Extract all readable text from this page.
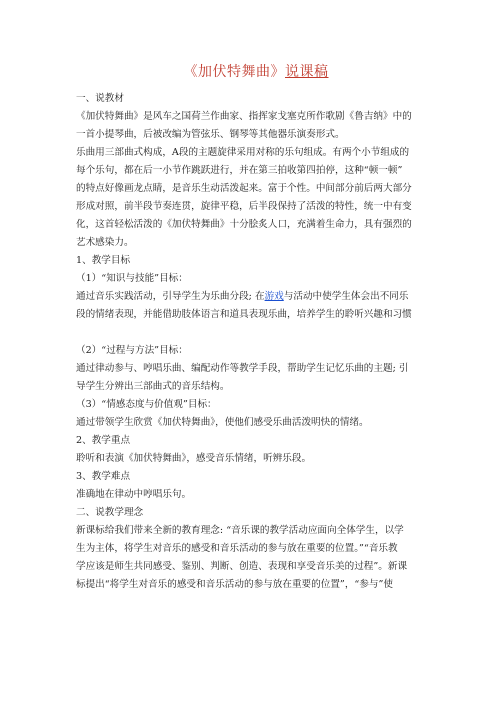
《加伏特舞曲》说课稿

一、说教材

《加伏特舞曲》是风车之国荷兰作曲家、指挥家戈塞克所作歌剧《鲁吉纳》中的

一首小提琴曲，后被改编为管弦乐、钢琴等其他器乐演奏形式。

乐曲用三部曲式构成，A段的主题旋律采用对称的乐句组成。有两个小节组成的

每个乐句，都在后一小节作跳跃进行，并在第三拍收第四拍停，这种“顿一顿”

的特点好像画龙点睛，是音乐生动活泼起来。富于个性。中间部分前后两大部分

形成对照，前半段节奏连贯，旋律平稳，后半段保持了活泼的特性，统一中有变

化，这首轻松活泼的《加伏特舞曲》十分脍炙人口，充满着生命力，具有强烈的

艺术感染力。

1、教学目标

（1）“知识与技能”目标：

通过音乐实践活动，引导学生为乐曲分段; 在游戏与活动中使学生体会出不同乐

段的情绪表现，并能借助肢体语言和道具表现乐曲，培养学生的聆听兴趣和习惯

（2）“过程与方法”目标：

通过律动参与、哼唱乐曲、编配动作等教学手段，帮助学生记忆乐曲的主题; 引

导学生分辨出三部曲式的音乐结构。

（3）“情感态度与价值观”目标：

通过带领学生欣赏《加伏特舞曲》，使他们感受乐曲活泼明快的情绪。

2、教学重点

聆听和表演《加伏特舞曲》，感受音乐情绪，听辨乐段。

3、教学难点

准确地在律动中哼唱乐句。

二、说教学理念

新课标给我们带来全新的教育理念: “音乐课的教学活动应面向全体学生，以学

生为主体，将学生对音乐的感受和音乐活动的参与放在重要的位置。”“音乐教

学应该是师生共同感受、鉴别、判断、创造、表现和享受音乐美的过程”。新课

标提出“将学生对音乐的感受和音乐活动的参与放在重要的位置”，“参与”使
